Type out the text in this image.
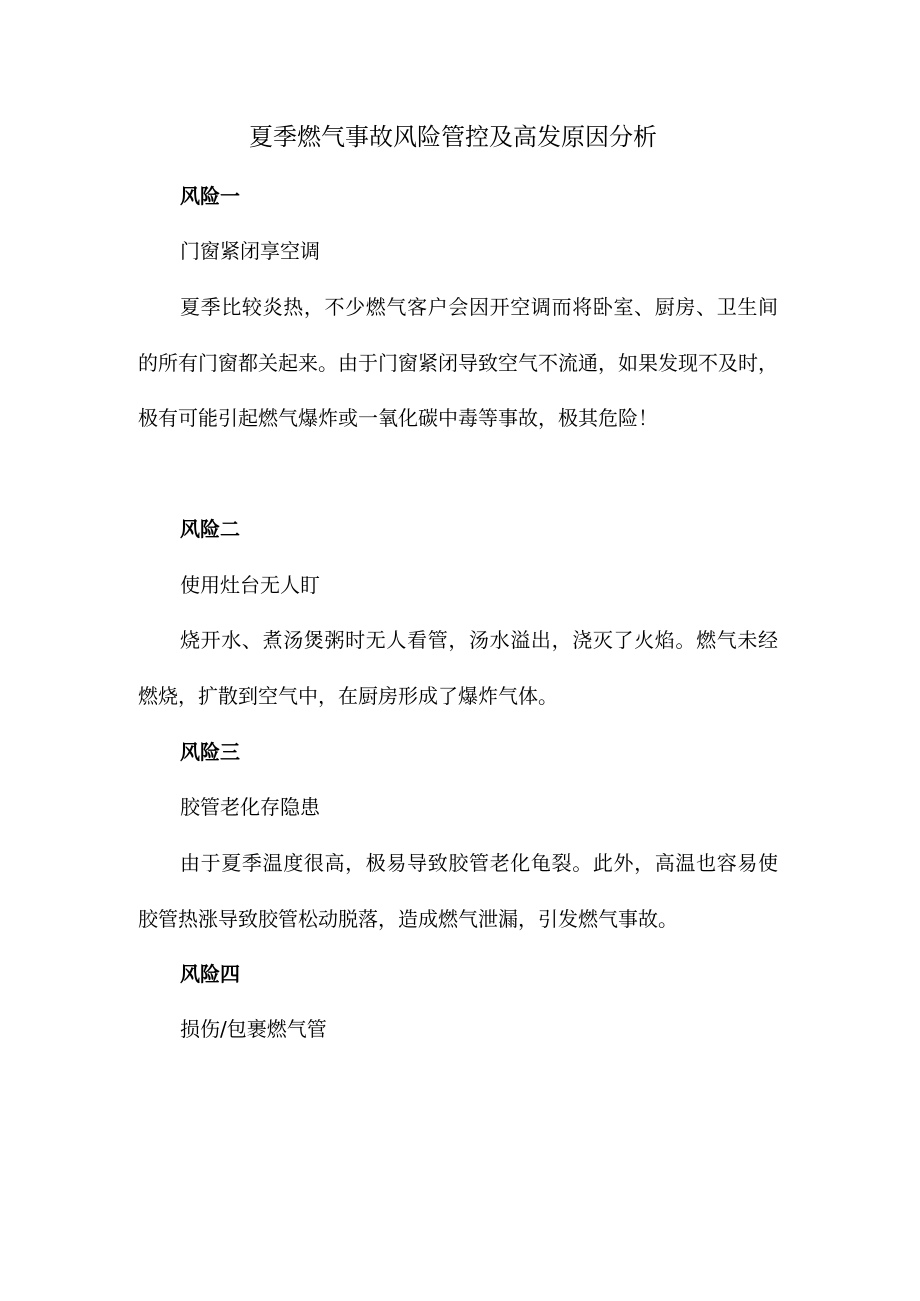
夏季燃气事故风险管控及高发原因分析
风险一
门窗紧闭享空调
夏季比较炎热，不少燃气客户会因开空调而将卧室、厨房、卫生间的所有门窗都关起来。由于门窗紧闭导致空气不流通，如果发现不及时，极有可能引起燃气爆炸或一氧化碳中毒等事故，极其危险！
风险二
使用灶台无人盯
烧开水、煮汤煲粥时无人看管，汤水溢出，浇灭了火焰。燃气未经燃烧，扩散到空气中，在厨房形成了爆炸气体。
风险三
胶管老化存隐患
由于夏季温度很高，极易导致胶管老化龟裂。此外，高温也容易使胶管热涨导致胶管松动脱落，造成燃气泄漏，引发燃气事故。
风险四
损伤/包裹燃气管
